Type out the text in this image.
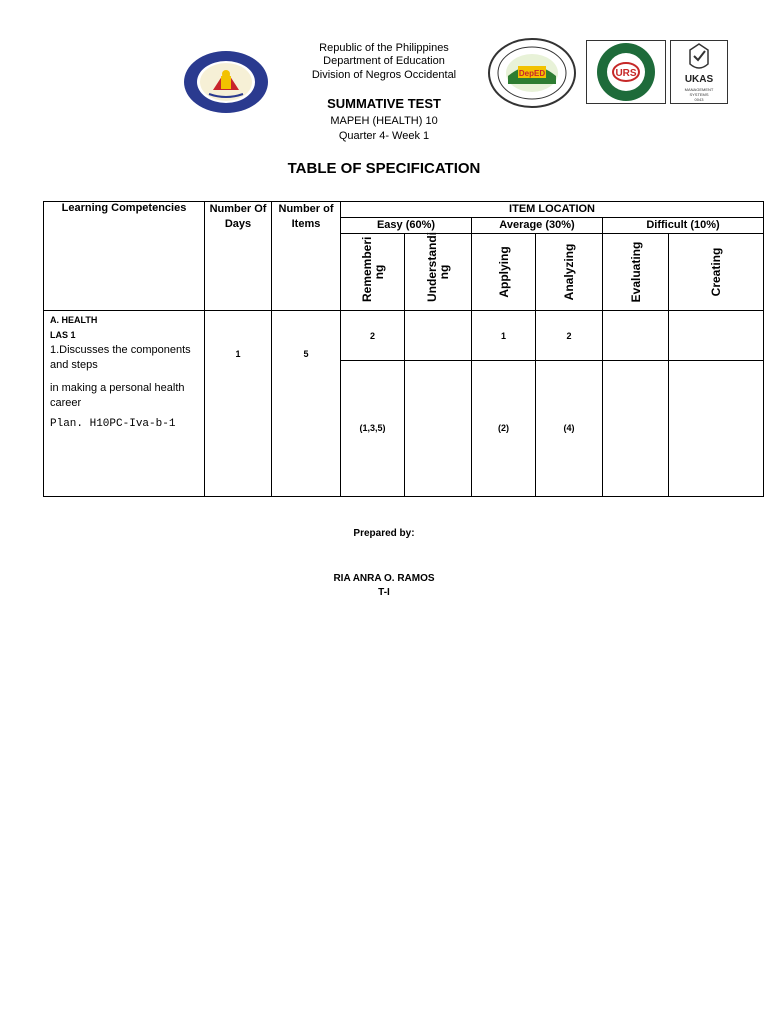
Republic of the Philippines
Department of Education
Division of Negros Occidental	DepED	URS
UKAS
MANAGEMENT
SYSTEMS
0043
SUMMATIVE TEST
MAPEH (HEALTH) 10
Quarter 4- Week 1
TABLE OF SPECIFICATION
Learning Competencies	Number Of Days	Number of Items	ITEM LOCATION					
			Easy (60%)		Average (30%)		Difficult (10%)	

			Rememberi ng	Understandi ng	Applying	Analyzing	Evaluating	Creating

A. HEALTH
LAS 1
1.Discusses the components and steps
in making a personal health career
Plan. H10PC-Iva-b-1	1	5	2		1	2		

			(1,3,5)		(2)	(4)		

Prepared by:
RIA ANRA O. RAMOS
T-I
